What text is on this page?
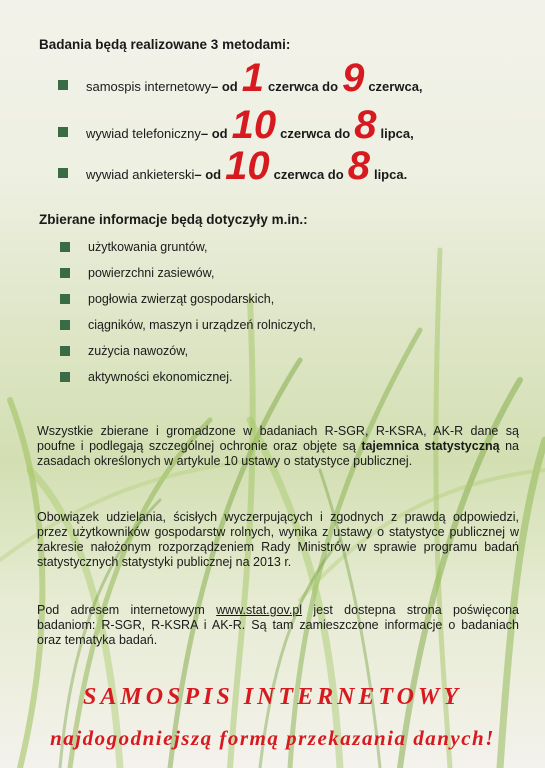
Badania będą realizowane 3 metodami:
samospis internetowy – od 1 czerwca do 9 czerwca,
wywiad telefoniczny – od 10 czerwca do 8 lipca,
wywiad ankieterski – od 10 czerwca do 8 lipca.
Zbierane informacje będą dotyczyły m.in.:
użytkowania gruntów,
powierzchni zasiewów,
pogłowia zwierząt gospodarskich,
ciągników, maszyn i urządzeń rolniczych,
zużycia nawozów,
aktywności ekonomicznej.

Wszystkie zbierane i gromadzone w badaniach R-SGR, R-KSRA, AK-R dane są poufne i podlegają szczególnej ochronie oraz objęte są tajemnica statystyczną na zasadach określonych w artykule 10 ustawy o statystyce publicznej.

Obowiązek udzielania, ścisłych wyczerpujących i zgodnych z prawdą odpowiedzi, przez użytkowników gospodarstw rolnych, wynika z ustawy o statystyce publicznej w zakresie nałożonym rozporządzeniem Rady Ministrów w sprawie programu badań statystycznych statystyki publicznej na 2013 r.

Pod adresem internetowym www.stat.gov.pl jest dostepna strona poświęcona badaniom: R-SGR, R-KSRA i AK-R. Są tam zamieszczone informacje o badaniach oraz tematyka badań.

SAMOSPIS INTERNETOWY
najdogodniejszą formą przekazania danych!
